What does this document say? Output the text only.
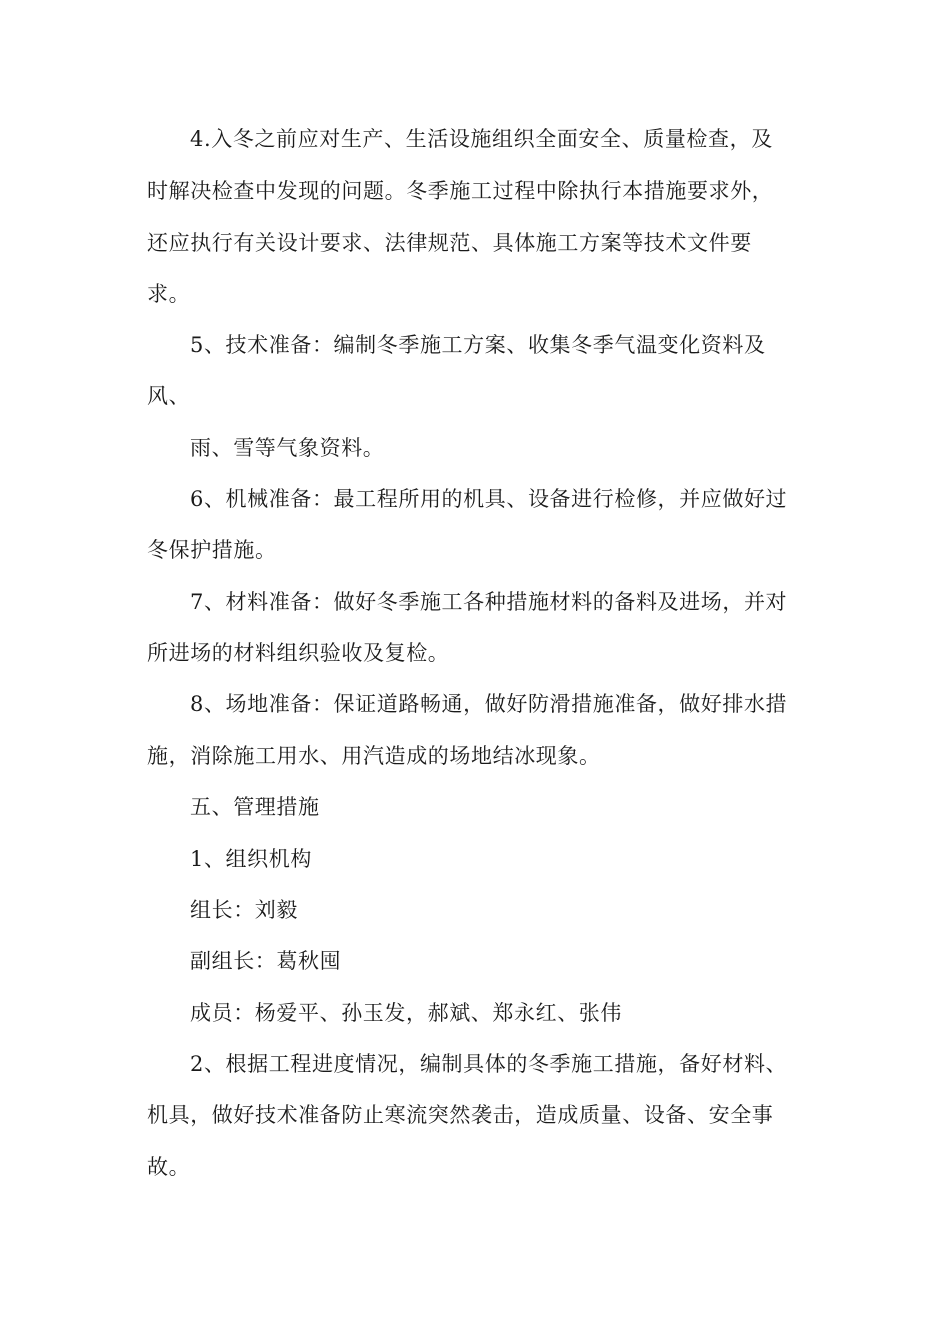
4.入冬之前应对生产、生活设施组织全面安全、质量检查，及
时解决检查中发现的问题。冬季施工过程中除执行本措施要求外，
还应执行有关设计要求、法律规范、具体施工方案等技术文件要
求。
5、技术准备：编制冬季施工方案、收集冬季气温变化资料及
风、
雨、雪等气象资料。
6、机械准备：最工程所用的机具、设备进行检修，并应做好过
冬保护措施。
7、材料准备：做好冬季施工各种措施材料的备料及进场，并对
所进场的材料组织验收及复检。
8、场地准备：保证道路畅通，做好防滑措施准备，做好排水措
施，消除施工用水、用汽造成的场地结冰现象。
五、管理措施
1、组织机构
组长：刘毅
副组长：葛秋囤
成员：杨爱平、孙玉发，郝斌、郑永红、张伟
2、根据工程进度情况，编制具体的冬季施工措施，备好材料、
机具，做好技术准备防止寒流突然袭击，造成质量、设备、安全事
故。
